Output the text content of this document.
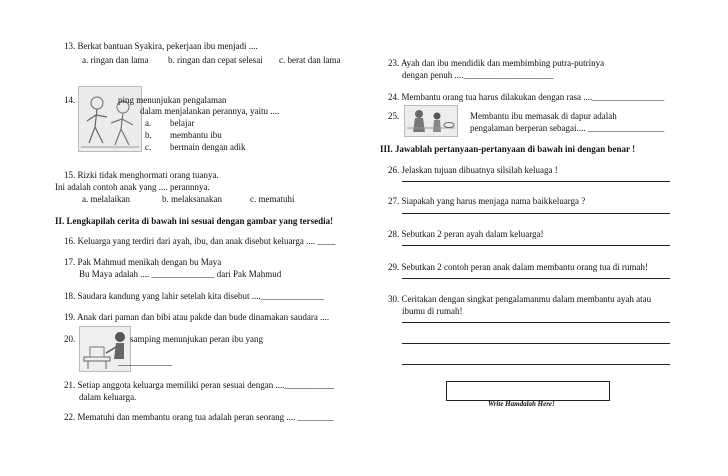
13. Berkat bantuan Syakira, pekerjaan ibu menjadi ....
a. ringan dan lama b. ringan dan cepat selesai c. berat dan lama
14.	ping menunjukan pengalaman
dalam menjalankan perannya, yaitu ....
a. belajar
b. membantu ibu
c. bermain dengan adik
15. Rizki tidak menghormati orang tuanya.
Ini adalah contoh anak yang .... perannnya.
a. melalaikan	b. melaksanakan	c. mematuhi
II. Lengkapilah cerita di bawah ini sesuai dengan gambar yang tersedia!
16. Keluarga yang terdiri dari ayah, ibu, dan anak disebut keluarga .... ____
17. Pak Mahmud menikah dengan bu Maya
Bu Maya adalah .... ______________ dari Pak Mahmud
18. Saudara kandung yang lahir setelah kita disebut ....______________
19. Anak dari paman dan bibi atau pakde dan bude dinamakan saudara ....
20.	samping menunjukan peran ibu yang
____________
21. Setiap anggota keluarga memiliki peran sesuai dengan ....___________
dalam keluarga.
22. Mematuhi dan membantu orang tua adalah peran seorang .... ________
23. Ayah dan ibu mendidik dan membimbing putra-putrinya
dengan penuh ....____________________
24. Membantu orang tua harus dilakukan dengan rasa ....________________
25.	Membantu ibu memasak di dapur adalah
pengalaman berperan sebagai.... _________________
III. Jawablah pertanyaan-pertanyaan di bawah ini dengan benar !
26. Jelaskan tujuan dibuatnya silsilah keluaga !
27. Siapakah yang harus menjaga nama baikkeluarga ?
28. Sebutkan 2 peran ayah dalam keluarga!
29. Sebutkan 2 contoh peran anak dalam membantu orang tua di rumah!
30. Ceritakan dengan singkat pengalamanmu dalam membantu ayah atau
ibumu di rumah!
Write Hamdalah Here!
